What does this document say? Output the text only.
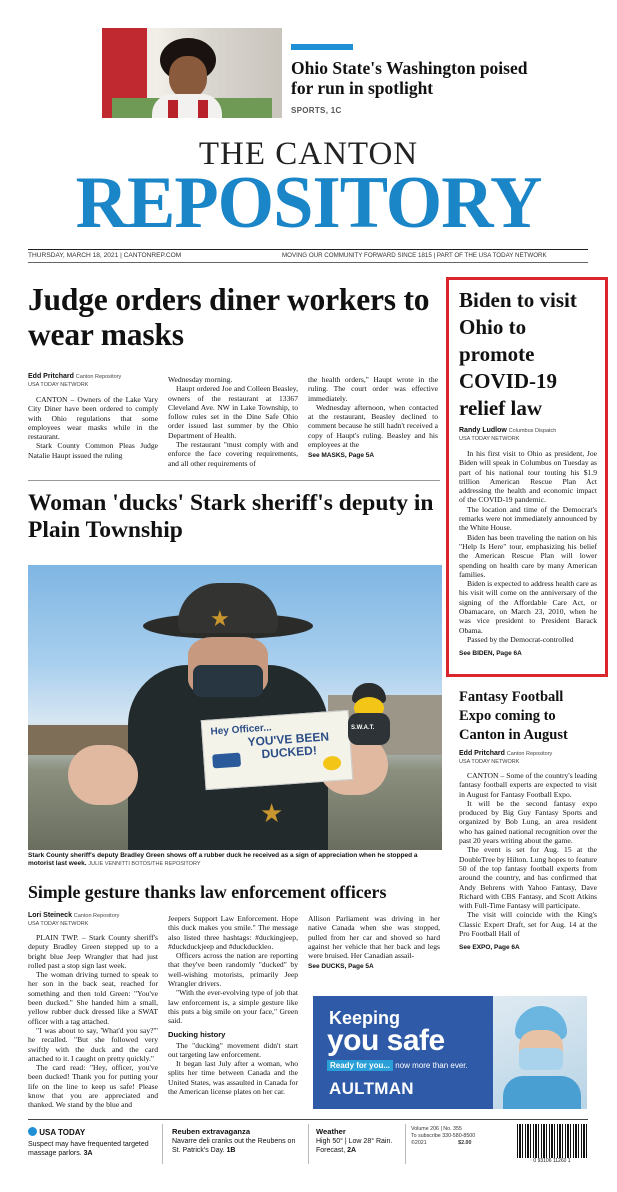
Ohio State's Washington poised for run in spotlight
SPORTS, 1C
THE CANTON
REPOSITORY
THURSDAY, MARCH 18, 2021 | CANTONREP.COM	MOVING OUR COMMUNITY FORWARD SINCE 1815 | PART OF THE USA TODAY NETWORK
Judge orders diner workers to wear masks
Edd Pritchard Canton Repository
USA TODAY NETWORK

CANTON – Owners of the Lake Vary City Diner have been ordered to comply with Ohio regulations that some employees wear masks while in the restaurant.

Stark County Common Pleas Judge Natalie Haupt issued the ruling

Wednesday morning.

Haupt ordered Joe and Colleen Beasley, owners of the restaurant at 13367 Cleveland Ave. NW in Lake Township, to follow rules set in the Dine Safe Ohio order issued last summer by the Ohio Department of Health.

The restaurant "must comply with and enforce the face covering requirements, and all other requirements of

the health orders," Haupt wrote in the ruling. The court order was effective immediately.

Wednesday afternoon, when contacted at the restaurant, Beasley declined to comment because he still hadn't received a copy of Haupt's ruling. Beasley and his employees at the

See MASKS, Page 5A
Biden to visit Ohio to promote COVID-19 relief law
Randy Ludlow Columbus Dispatch
USA TODAY NETWORK

In his first visit to Ohio as president, Joe Biden will speak in Columbus on Tuesday as part of his national tour touting his $1.9 trillion American Rescue Plan Act addressing the health and economic impact of the COVID-19 pandemic.

The location and time of the Democrat's remarks were not immediately announced by the White House.

Biden has been traveling the nation on his "Help Is Here" tour, emphasizing his belief the American Rescue Plan will lower spending on health care by many American families.

Biden is expected to address health care as his visit will come on the anniversary of the signing of the Affordable Care Act, or Obamacare, on March 23, 2010, when he was vice president to President Barack Obama.

Passed by the Democrat-controlled

See BIDEN, Page 6A
Woman 'ducks' Stark sheriff's deputy in Plain Township
★
Hey Officer...
YOU'VE BEEN DUCKED!
S.W.A.T.
★
Stark County sheriff's deputy Bradley Green shows off a rubber duck he received as a sign of appreciation when he stopped a motorist last week. JULIE VENNITTI BOTOS/THE REPOSITORY
Simple gesture thanks law enforcement officers
Lori Steineck Canton Repository
USA TODAY NETWORK

PLAIN TWP. – Stark County sheriff's deputy Bradley Green stepped up to a bright blue Jeep Wrangler that had just rolled past a stop sign last week.

The woman driving turned to speak to her son in the back seat, reached for something and then told Green: "You've been ducked." She handed him a small, yellow rubber duck dressed like a SWAT officer with a tag attached.

"I was about to say, 'What'd you say?'" he recalled. "But she followed very swiftly with the duck and the card attached to it. I caught on pretty quickly."

The card read: "Hey, officer, you've been ducked! Thank you for putting your life on the line to keep us safe! Please know that you are appreciated and thanked. We stand by the blue and

Jeepers Support Law Enforcement. Hope this duck makes you smile." The message also listed three hashtags: #duckingjeep, #duckduckjeep and #duckduckleo.

Officers across the nation are reporting that they've been randomly "ducked" by well-wishing motorists, primarily Jeep Wrangler drivers.

"With the ever-evolving type of job that law enforcement is, a simple gesture like this puts a big smile on your face," Green said.

Ducking history

The "ducking" movement didn't start out targeting law enforcement.

It began last July after a woman, who splits her time between Canada and the United States, was assaulted in Canada for the American license plates on her car.

Allison Parliament was driving in her native Canada when she was stopped, pulled from her car and shoved so hard against her vehicle that her back and legs were bruised. Her Canadian assail-

See DUCKS, Page 5A
Fantasy Football Expo coming to Canton in August
Edd Pritchard Canton Repository
USA TODAY NETWORK

CANTON – Some of the country's leading fantasy football experts are expected to visit in August for Fantasy Football Expo.

It will be the second fantasy expo produced by Big Guy Fantasy Sports and organized by Bob Lung, an area resident who has gained national recognition over the past 20 years writing about the game.

The event is set for Aug. 15 at the DoubleTree by Hilton. Lung hopes to feature 50 of the top fantasy football experts from around the country, and has confirmed that Andy Behrens with Yahoo Fantasy, Dave Richard with CBS Fantasy, and Scott Atkins with Full-Time Fantasy will participate.

The visit will coincide with the King's Classic Expert Draft, set for Aug. 14 at the Pro Football Hall of

See EXPO, Page 6A
Keeping
you safe
Ready for you... now more than ever.
AULTMAN
USA TODAY
Suspect may have frequented targeted massage parlors. 3A
Reuben extravaganza
Navarre deli cranks out the Reubens on St. Patrick's Day. 1B
Weather
High 50° | Low 28° Rain. Forecast, 2A
Volume 206 | No. 355
To subscribe 330-580-8500
©2021	$2.00
0 93106 11260 1
